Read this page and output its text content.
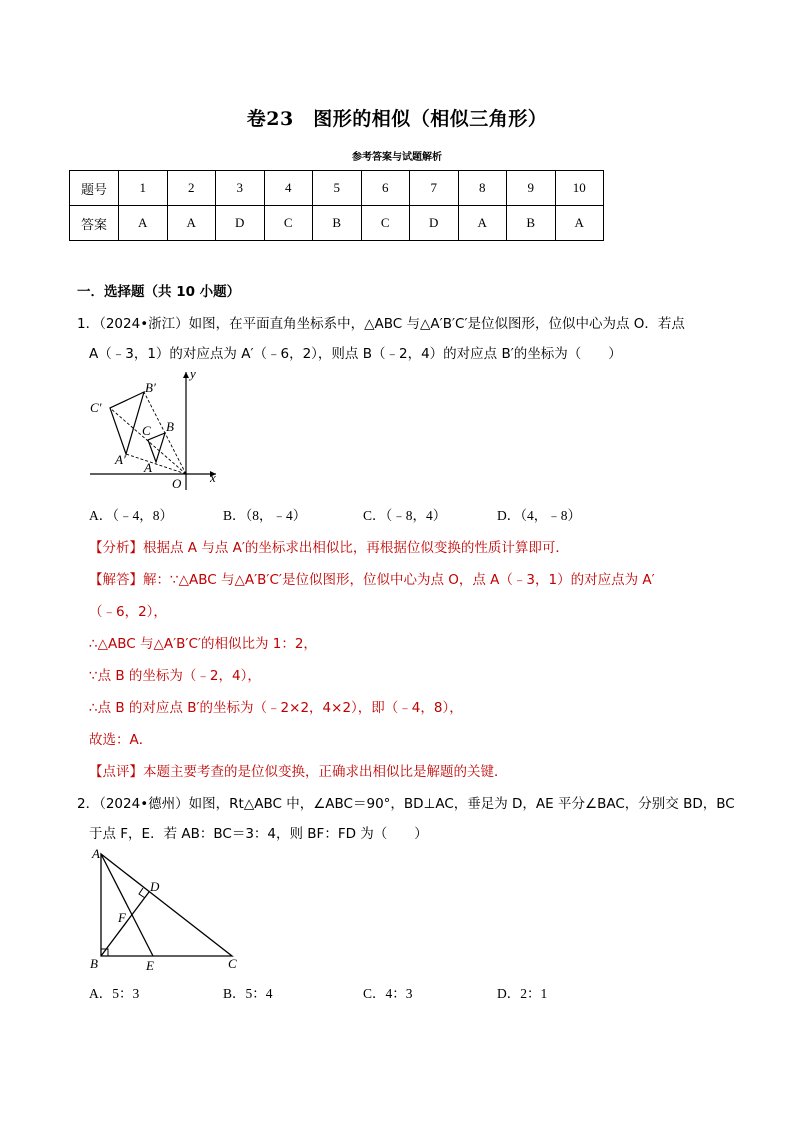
卷23　图形的相似（相似三角形）
参考答案与试题解析
题号	1	2	3	4	5	6	7	8	9	10
答案	A	A	D	C	B	C	D	A	B	A
一．选择题（共 10 小题）
1．（2024•浙江）如图，在平面直角坐标系中，△ABC 与△A′B′C′是位似图形，位似中心为点 O．若点
A（﹣3，1）的对应点为 A′（﹣6，2），则点 B（﹣2，4）的对应点 B′的坐标为（　　）
B′
C′
C B
A′
A
O x
y
A．（﹣4，8）	B．（8，﹣4）	C．（﹣8，4）	D．（4，﹣8）
【分析】根据点 A 与点 A′的坐标求出相似比，再根据位似变换的性质计算即可．
【解答】解：∵△ABC 与△A′B′C′是位似图形，位似中心为点 O，点 A（﹣3，1）的对应点为 A′
（﹣6，2），
∴△ABC 与△A′B′C′的相似比为 1：2，
∵点 B 的坐标为（﹣2，4），
∴点 B 的对应点 B′的坐标为（﹣2×2，4×2），即（﹣4，8），
故选：A．
【点评】本题主要考查的是位似变换，正确求出相似比是解题的关键．
2．（2024•德州）如图，Rt△ABC 中，∠ABC＝90°，BD⊥AC，垂足为 D，AE 平分∠BAC，分别交 BD，BC
于点 F，E．若 AB：BC＝3：4，则 BF：FD 为（　　）
A
D
F
B	E	C
A．5：3	B．5：4	C．4：3	D．2：1
